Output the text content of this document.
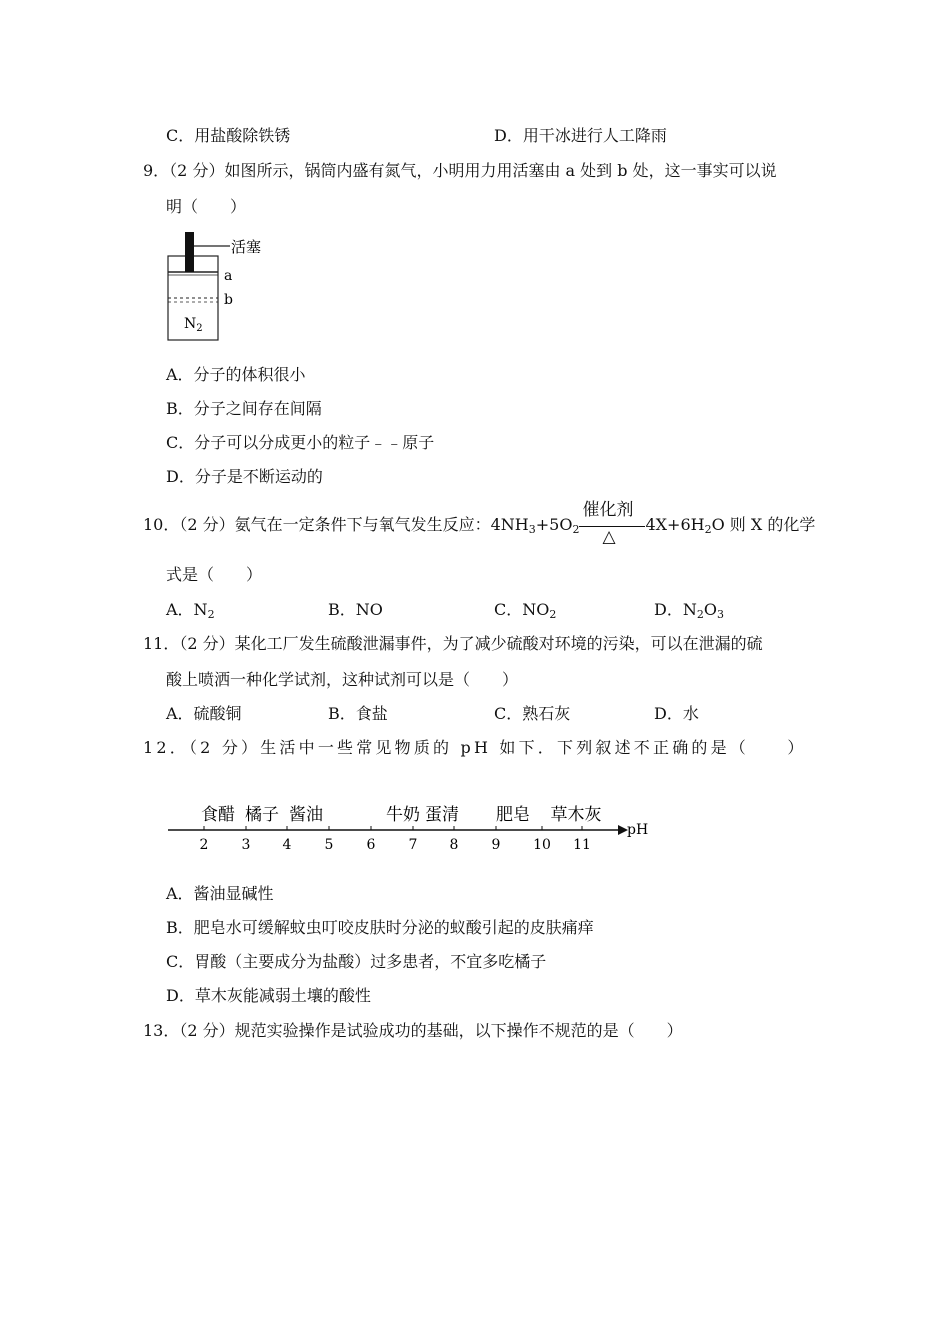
C．用盐酸除铁锈	D．用干冰进行人工降雨
9．（2 分）如图所示，锅筒内盛有氮气，小明用力用活塞由 a 处到 b 处，这一事实可以说
明（　　）
活塞
a
b
$N_2$
A．分子的体积很小
B．分子之间存在间隔
C．分子可以分成更小的粒子﹣﹣原子
D．分子是不断运动的
10．（2 分）氨气在一定条件下与氧气发生反应：$4NH_3+5O_2$
催化剂
△
$4X+6H_2O$ 则 X 的化学
式是（　　）
A．$N_2$	B．NO	C．$NO_2$	D．$N_2O_3$
11．（2 分）某化工厂发生硫酸泄漏事件，为了减少硫酸对环境的污染，可以在泄漏的硫
酸上喷洒一种化学试剂，这种试剂可以是（　　）
A．硫酸铜	B．食盐	C．熟石灰	D．水
12．（2 分）生活中一些常见物质的 pH 如下．下列叙述不正确的是（　　）
pH
2 3 4 5 6 7 8 9 10 11
食醋 橘子 酱油	牛奶 蛋清 肥皂 草木灰
A．酱油显碱性
B．肥皂水可缓解蚊虫叮咬皮肤时分泌的蚁酸引起的皮肤痛痒
C．胃酸（主要成分为盐酸）过多患者，不宜多吃橘子
D．草木灰能减弱土壤的酸性
13．（2 分）规范实验操作是试验成功的基础，以下操作不规范的是（　　）
